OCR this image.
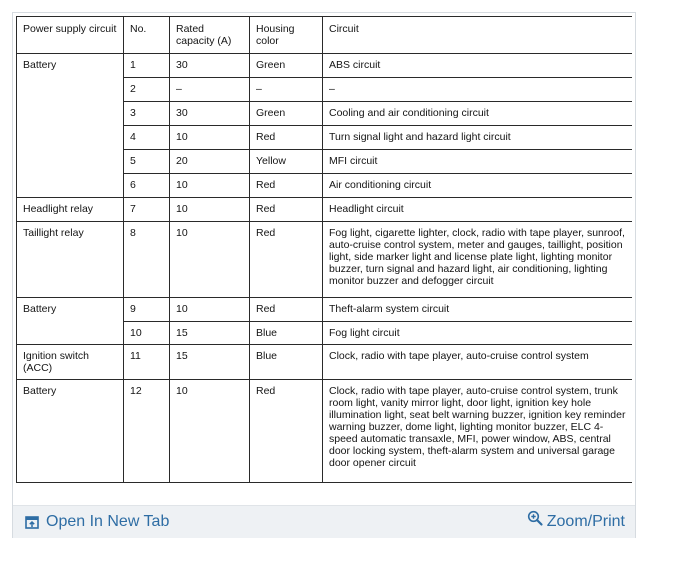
Power supply circuit	No.	Rated capacity (A)	Housing color	Circuit
Battery	1	30	Green	ABS circuit
	2	–	–	–
	3	30	Green	Cooling and air conditioning circuit
	4	10	Red	Turn signal light and hazard light circuit
	5	20	Yellow	MFI circuit
	6	10	Red	Air conditioning circuit
Headlight relay	7	10	Red	Headlight circuit
Taillight relay	8	10	Red	Fog light, cigarette lighter, clock, radio with tape player, sunroof, auto-cruise control system, meter and gauges, taillight, position light, side marker light and license plate light, lighting monitor buzzer, turn signal and hazard light, air conditioning, lighting monitor buzzer and defogger circuit
Battery	9	10	Red	Theft-alarm system circuit
	10	15	Blue	Fog light circuit
Ignition switch (ACC)	11	15	Blue	Clock, radio with tape player, auto-cruise control system
Battery	12	10	Red	Clock, radio with tape player, auto-cruise control system, trunk room light, vanity mirror light, door light, ignition key hole illumination light, seat belt warning buzzer, ignition key reminder warning buzzer, dome light, lighting monitor buzzer, ELC 4-speed automatic transaxle, MFI, power window, ABS, central door locking system, theft-alarm system and universal garage door opener circuit
Open In New Tab	Zoom/Print
